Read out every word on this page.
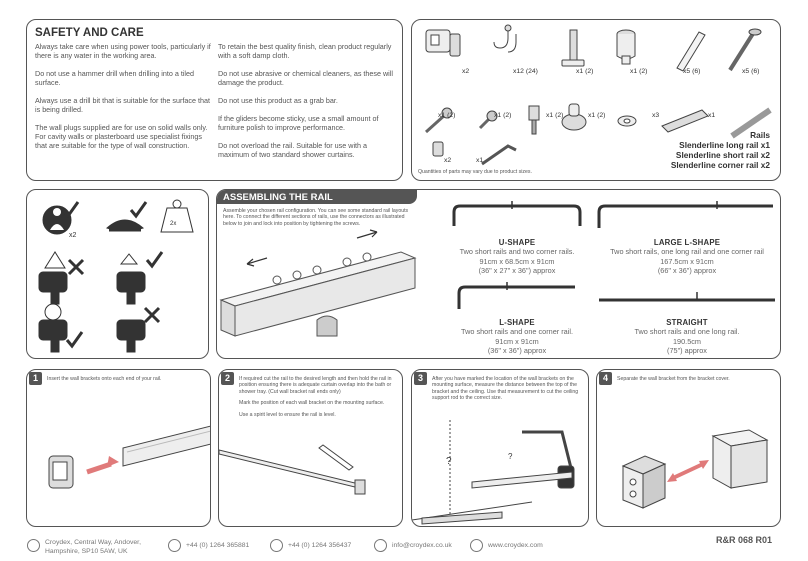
SAFETY AND CARE

Always take care when using power tools, particularly if there is any water in the working area.

Do not use a hammer drill when drilling into a tiled surface.

Always use a drill bit that is suitable for the surface that is being drilled.

The wall plugs supplied are for use on solid walls only. For cavity walls or plasterboard use specialist fixings that are suitable for the type of wall construction.

To retain the best quality finish, clean product regularly with a soft damp cloth.

Do not use abrasive or chemical cleaners, as these will damage the product.

Do not use this product as a grab bar.

If the gliders become sticky, use a small amount of furniture polish to improve performance.

Do not overload the rail. Suitable for use with a maximum of two standard shower curtains.

x2	x12 (24)	x1 (2)	x1 (2)	x5 (6)	x5 (6)
x1 (2)	x1 (2)	x1 (2)	x1 (2)	x3	x1
x2	x1
Rails
Slenderline long rail x1
Slenderline short rail x2
Slenderline corner rail x2
Quantities of parts may vary due to product sizes.
x2
2x
ASSEMBLING THE RAIL
Assemble your chosen rail configuration. You can see some standard rail layouts here. To connect the different sections of rails, use the connectors as illustrated below to join and lock into position by tightening the screws.
U-SHAPE
Two short rails and two corner rails.
91cm x 68.5cm x 91cm
(36" x 27" x 36") approx
LARGE L-SHAPE
Two short rails, one long rail and one corner rail
167.5cm x 91cm
(66" x 36") approx
L-SHAPE
Two short rails and one corner rail.
91cm x 91cm
(36" x 36") approx
STRAIGHT
Two short rails and one long rail.
190.5cm
(75") approx
1	Insert the wall brackets onto each end of your rail.	2	If required cut the rail to the desired length and then hold the rail in position ensuring there is adequate curtain overlap into the bath or shower tray. (Cut wall bracket rail ends only)

Mark the position of each wall bracket on the mounting surface.

Use a spirit level to ensure the rail is level.

3	After you have marked the location of the wall brackets on the mounting surface, measure the distance between the top of the bracket and the ceiling. Use that measurement to cut the ceiling support rod to the correct size.
?	?
4	Separate the wall bracket from the bracket cover.
Croydex, Central Way, Andover,
Hampshire, SP10 5AW, UK
+44 (0) 1264 365881	+44 (0) 1264 356437	info@croydex.co.uk	www.croydex.com
R&R 068 R01
